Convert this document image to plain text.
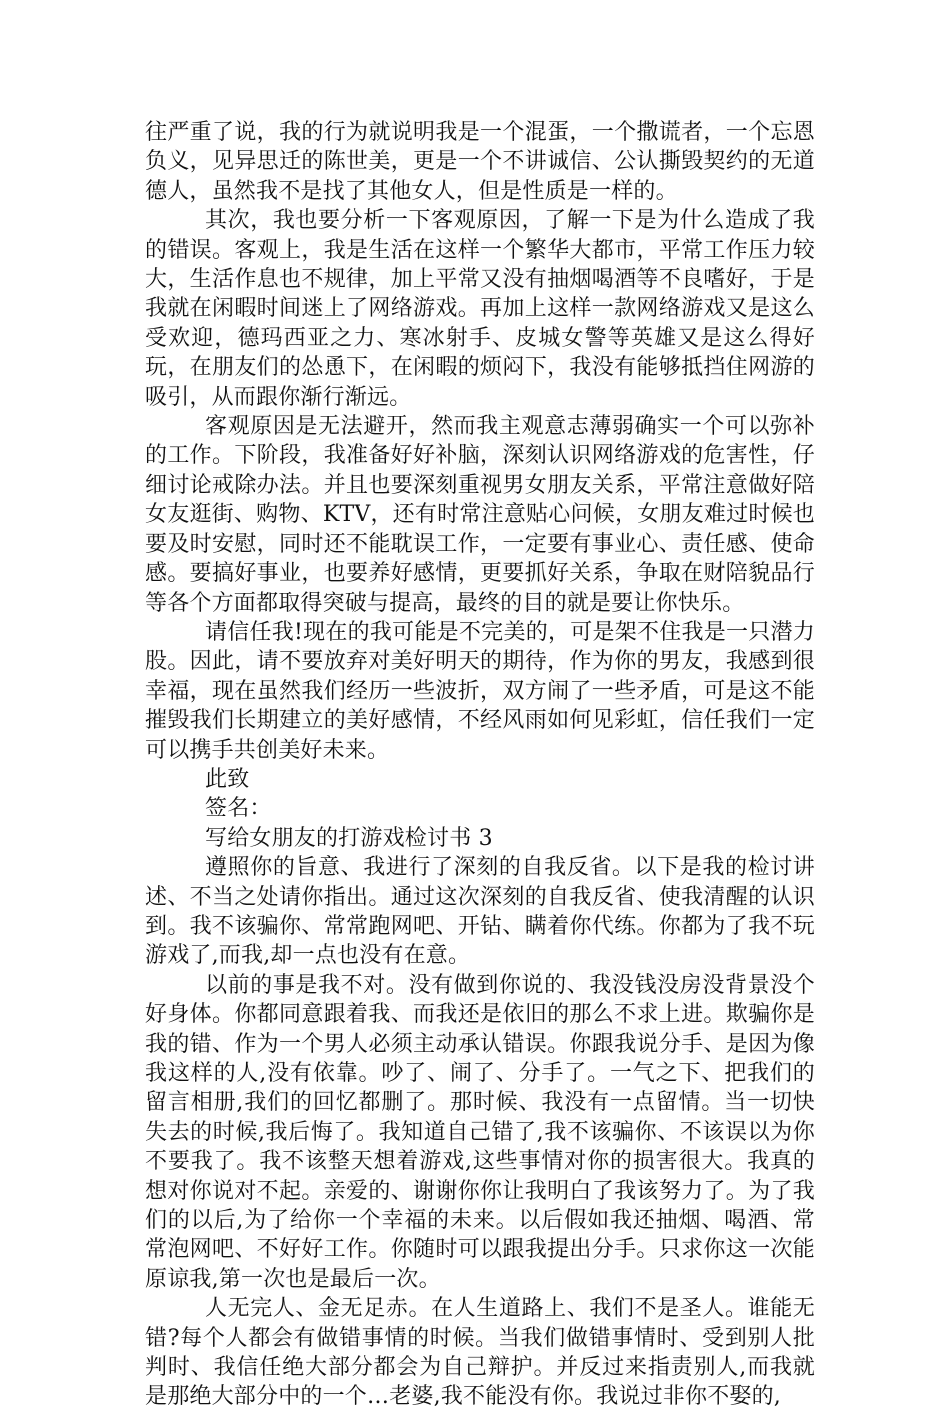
往严重了说，我的行为就说明我是一个混蛋，一个撒谎者，一个忘恩负义，见异思迁的陈世美，更是一个不讲诚信、公认撕毁契约的无道德人，虽然我不是找了其他女人，但是性质是一样的。

其次，我也要分析一下客观原因，了解一下是为什么造成了我的错误。客观上，我是生活在这样一个繁华大都市，平常工作压力较大，生活作息也不规律，加上平常又没有抽烟喝酒等不良嗜好，于是我就在闲暇时间迷上了网络游戏。再加上这样一款网络游戏又是这么受欢迎，德玛西亚之力、寒冰射手、皮城女警等英雄又是这么得好玩，在朋友们的怂恿下，在闲暇的烦闷下，我没有能够抵挡住网游的吸引，从而跟你渐行渐远。

客观原因是无法避开，然而我主观意志薄弱确实一个可以弥补的工作。下阶段，我准备好好补脑，深刻认识网络游戏的危害性，仔细讨论戒除办法。并且也要深刻重视男女朋友关系，平常注意做好陪女友逛街、购物、KTV，还有时常注意贴心问候，女朋友难过时候也要及时安慰，同时还不能耽误工作，一定要有事业心、责任感、使命感。要搞好事业，也要养好感情，更要抓好关系，争取在财陪貌品行等各个方面都取得突破与提高，最终的目的就是要让你快乐。

请信任我!现在的我可能是不完美的，可是架不住我是一只潜力股。因此，请不要放弃对美好明天的期待，作为你的男友，我感到很幸福，现在虽然我们经历一些波折，双方闹了一些矛盾，可是这不能摧毁我们长期建立的美好感情，不经风雨如何见彩虹，信任我们一定可以携手共创美好未来。

此致

签名：

写给女朋友的打游戏检讨书 3

遵照你的旨意、我进行了深刻的自我反省。以下是我的检讨讲述、不当之处请你指出。通过这次深刻的自我反省、使我清醒的认识到。我不该骗你、常常跑网吧、开钻、瞒着你代练。你都为了我不玩游戏了,而我,却一点也没有在意。

以前的事是我不对。没有做到你说的、我没钱没房没背景没个好身体。你都同意跟着我、而我还是依旧的那么不求上进。欺骗你是我的错、作为一个男人必须主动承认错误。你跟我说分手、是因为像我这样的人,没有依靠。吵了、闹了、分手了。一气之下、把我们的留言相册,我们的回忆都删了。那时候、我没有一点留情。当一切快失去的时候,我后悔了。我知道自己错了,我不该骗你、不该误以为你不要我了。我不该整天想着游戏,这些事情对你的损害很大。我真的想对你说对不起。亲爱的、谢谢你你让我明白了我该努力了。为了我们的以后,为了给你一个幸福的未来。以后假如我还抽烟、喝酒、常常泡网吧、不好好工作。你随时可以跟我提出分手。只求你这一次能原谅我,第一次也是最后一次。

人无完人、金无足赤。在人生道路上、我们不是圣人。谁能无错?每个人都会有做错事情的时候。当我们做错事情时、受到别人批判时、我信任绝大部分都会为自己辩护。并反过来指责别人,而我就是那绝大部分中的一个…老婆,我不能没有你。我说过非你不娶的,
